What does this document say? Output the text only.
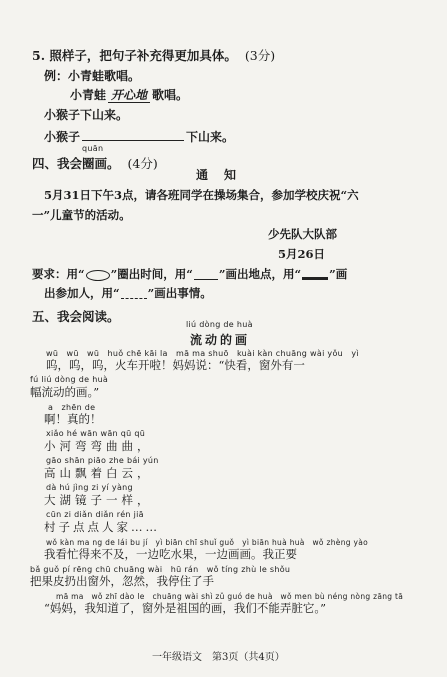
5. 照样子，把句子补充得更加具体。 (3分)
例：小青蛙歌唱。
小青蛙 开心地 歌唱。
小猴子下山来。
小猴子	下山来。
quān
四、我会圈画。 (4分)
通　知
5月31日下午3点，请各班同学在操场集合，参加学校庆祝“六
一”儿童节的活动。
少先队大队部
5月26日
要求：用“○”圈出时间，用“ ”画出地点，用“ ”画
出参加人，用“ ”画出事情。
五、我会阅读。
liú dòng de huà
流动的画
wū　wū　wū　huǒ chē kāi la　mā ma shuō　kuài kàn chuāng wài yǒu　yì
呜，呜，呜，火车开啦！妈妈说：“快看，窗外有一
fú liú dòng de huà
幅流动的画。”
a　zhēn de
啊！真的！
xiǎo hé wān wān qū qū
小河弯弯曲曲，
gāo shān piāo zhe bái yún
高山飘着白云，
dà hú jìng zi yí yàng
大湖镜子一样，
cūn zi diǎn diǎn rén jiā
村子点点人家……
wǒ kàn ma ng de lái bu jí　yì biān chī shuǐ guǒ　yì biān huà huà　wǒ zhèng yào
我看忙得来不及，一边吃水果，一边画画。我正要
bǎ guǒ pí rēng chū chuāng wài　hū rán　wǒ tíng zhù le shǒu
把果皮扔出窗外，忽然，我停住了手
mā ma　wǒ zhī dào le　chuāng wài shì zǔ guó de huà　wǒ men bù néng nòng zāng tā
“妈妈，我知道了，窗外是祖国的画，我们不能弄脏它。”
一年级语文　第3页（共4页）
